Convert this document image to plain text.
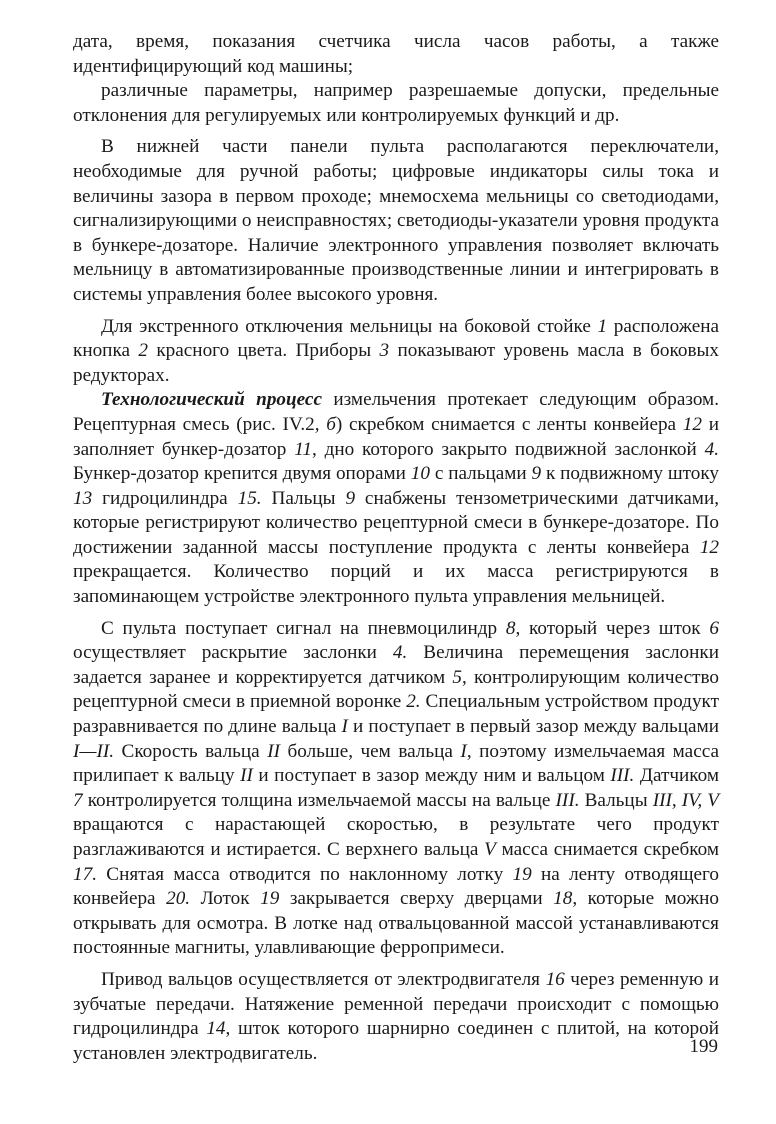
дата, время, показания счетчика числа часов работы, а также идентифицирующий код машины;

различные параметры, например разрешаемые допуски, предельные отклонения для регулируемых или контролируемых функций и др.

В нижней части панели пульта располагаются переключатели, необходимые для ручной работы; цифровые индикаторы силы тока и величины зазора в первом проходе; мнемосхема мельницы со светодиодами, сигнализирующими о неисправностях; светодиоды-указатели уровня продукта в бункере-дозаторе. Наличие электронного управления позволяет включать мельницу в автоматизированные производственные линии и интегрировать в системы управления более высокого уровня.

Для экстренного отключения мельницы на боковой стойке 1 расположена кнопка 2 красного цвета. Приборы 3 показывают уровень масла в боковых редукторах.

Технологический процесс измельчения протекает следующим образом. Рецептурная смесь (рис. IV.2, б) скребком снимается с ленты конвейера 12 и заполняет бункер-дозатор 11, дно которого закрыто подвижной заслонкой 4. Бункер-дозатор крепится двумя опорами 10 с пальцами 9 к подвижному штоку 13 гидроцилиндра 15. Пальцы 9 снабжены тензометрическими датчиками, которые регистрируют количество рецептурной смеси в бункере-дозаторе. По достижении заданной массы поступление продукта с ленты конвейера 12 прекращается. Количество порций и их масса регистрируются в запоминающем устройстве электронного пульта управления мельницей.

С пульта поступает сигнал на пневмоцилиндр 8, который через шток 6 осуществляет раскрытие заслонки 4. Величина перемещения заслонки задается заранее и корректируется датчиком 5, контролирующим количество рецептурной смеси в приемной воронке 2. Специальным устройством продукт разравнивается по длине вальца I и поступает в первый зазор между вальцами I—II. Скорость вальца II больше, чем вальца I, поэтому измельчаемая масса прилипает к вальцу II и поступает в зазор между ним и вальцом III. Датчиком 7 контролируется толщина измельчаемой массы на вальце III. Вальцы III, IV, V вращаются с нарастающей скоростью, в результате чего продукт разглаживаются и истирается. С верхнего вальца V масса снимается скребком 17. Снятая масса отводится по наклонному лотку 19 на ленту отводящего конвейера 20. Лоток 19 закрывается сверху дверцами 18, которые можно открывать для осмотра. В лотке над отвальцованной массой устанавливаются постоянные магниты, улавливающие ферропримеси.

Привод вальцов осуществляется от электродвигателя 16 через ременную и зубчатые передачи. Натяжение ременной передачи происходит с помощью гидроцилиндра 14, шток которого шарнирно соединен с плитой, на которой установлен электродвигатель.	199
